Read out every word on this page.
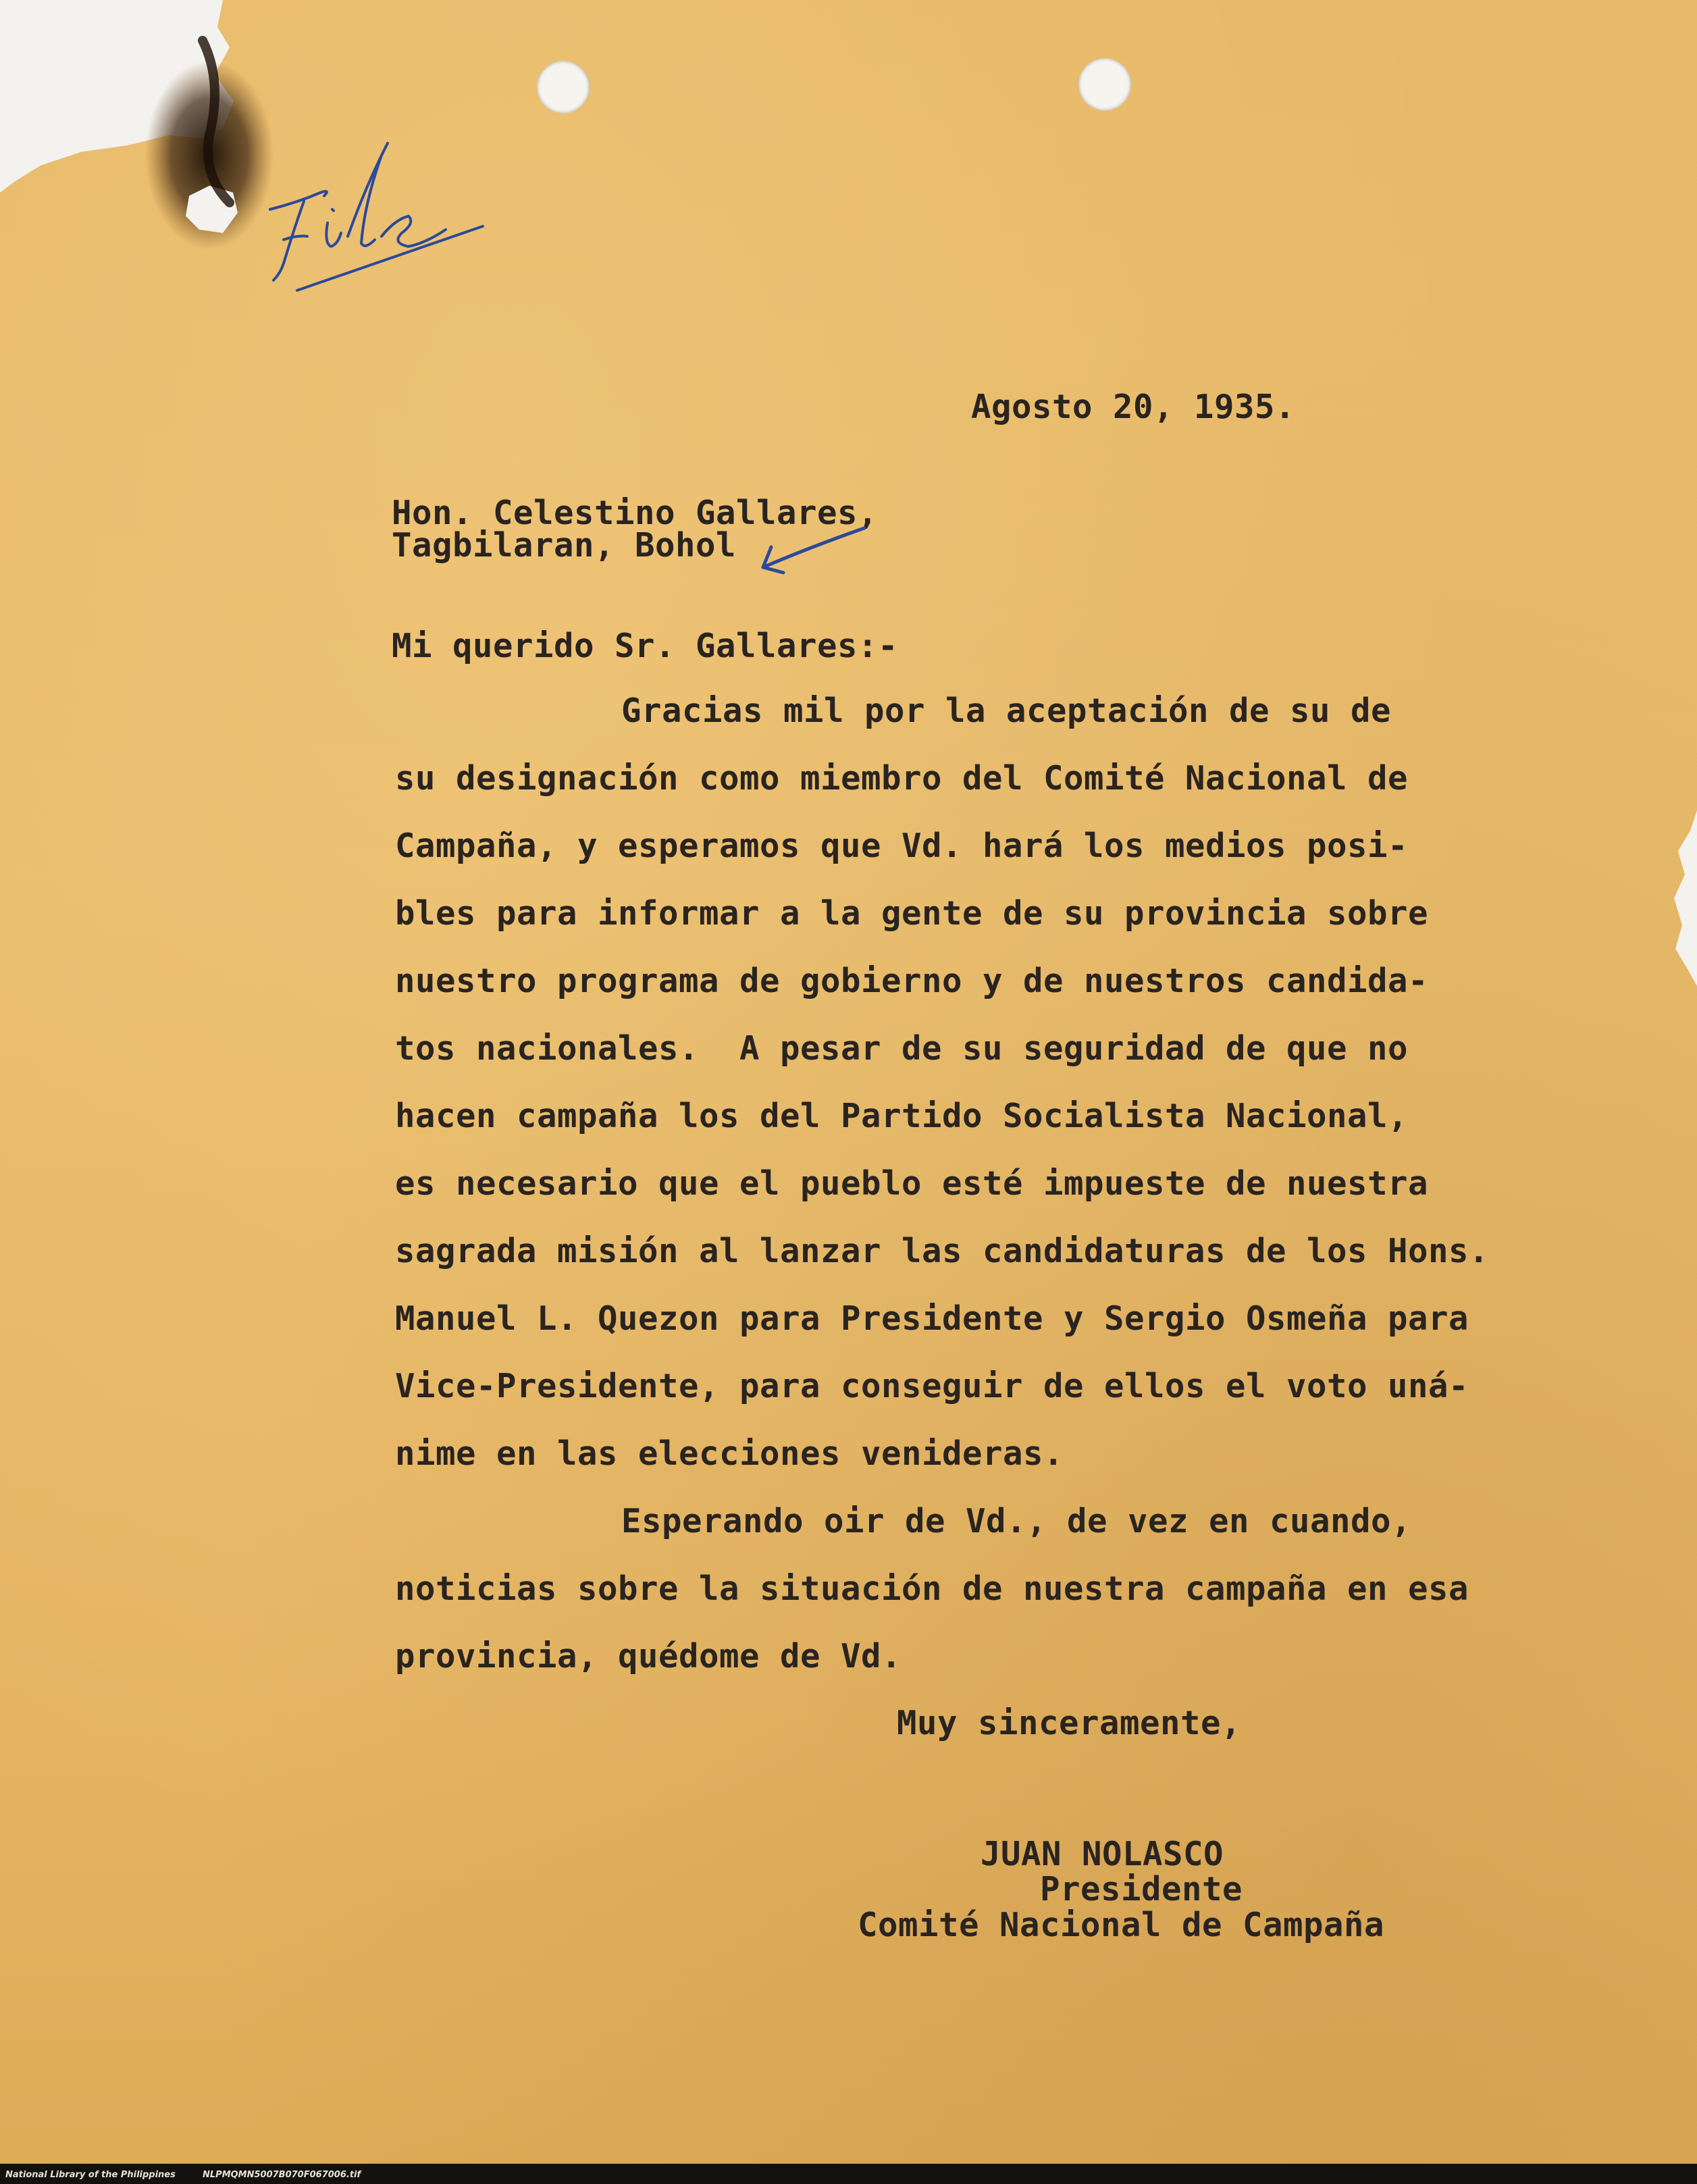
Agosto 20, 1935.

Hon. Celestino Gallares,

Tagbilaran, Bohol

Mi querido Sr. Gallares:-

Gracias mil por la aceptación de su de

su designación como miembro del Comité Nacional de

Campaña, y esperamos que Vd. hará los medios posi-

bles para informar a la gente de su provincia sobre

nuestro programa de gobierno y de nuestros candida-

tos nacionales.  A pesar de su seguridad de que no

hacen campaña los del Partido Socialista Nacional,

es necesario que el pueblo esté impueste de nuestra

sagrada misión al lanzar las candidaturas de los Hons.

Manuel L. Quezon para Presidente y Sergio Osmeña para

Vice-Presidente, para conseguir de ellos el voto uná-

nime en las elecciones venideras.

Esperando oir de Vd., de vez en cuando,

noticias sobre la situación de nuestra campaña en esa

provincia, quédome de Vd.

Muy sinceramente,

JUAN NOLASCO

Presidente

Comité Nacional de Campaña

National Library of the Philippines	NLPMQMN5007B070F067006.tif
